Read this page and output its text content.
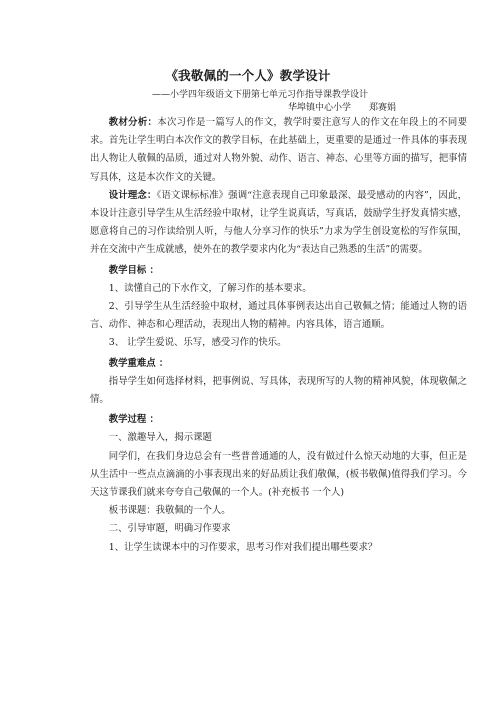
《我敬佩的一个人》教学设计
——小学四年级语文下册第七单元习作指导课教学设计
华埠镇中心小学　　郑赛娟

教材分析：本次习作是一篇写人的作文，教学时要注意写人的作文在年段上的不同要求。首先让学生明白本次作文的教学目标，在此基础上，更重要的是通过一件具体的事表现出人物让人敬佩的品质，通过对人物外貌、动作、语言、神态、心里等方面的描写，把事情写具体，这是本次作文的关键。

设计理念：《语文课标标准》强调“注意表现自己印象最深、最受感动的内容”，因此，本设计注意引导学生从生活经验中取材，让学生说真话，写真话，鼓励学生抒发真情实感，愿意将自己的习作读给别人听，与他人分享习作的快乐”力求为学生创设宽松的写作氛围，并在交流中产生成就感，使外在的教学要求内化为“表达自己熟悉的生活”的需要。

教学目标 ：

1、读懂自己的下水作文，了解习作的基本要求。

2、引导学生从生活经验中取材，通过具体事例表达出自己敬佩之情；能通过人物的语言、动作、神态和心理活动，表现出人物的精神。内容具体，语言通顺。

3、 让学生爱说、乐写，感受习作的快乐。

教学重难点 ：

指导学生如何选择材料，把事例说、写具体，表现所写的人物的精神风貌，体现敬佩之情。

教学过程 ：

一、激趣导入，揭示课题

同学们，在我们身边总会有一些普普通通的人，没有做过什么惊天动地的大事，但正是从生活中一些点点滴滴的小事表现出来的好品质让我们敬佩，(板书敬佩)值得我们学习。今天这节课我们就来夸夸自己敬佩的一个人。(补充板书 一个人)

板书课题：我敬佩的一个人。

二、引导审题，明确习作要求

1、让学生读课本中的习作要求，思考习作对我们提出哪些要求？
